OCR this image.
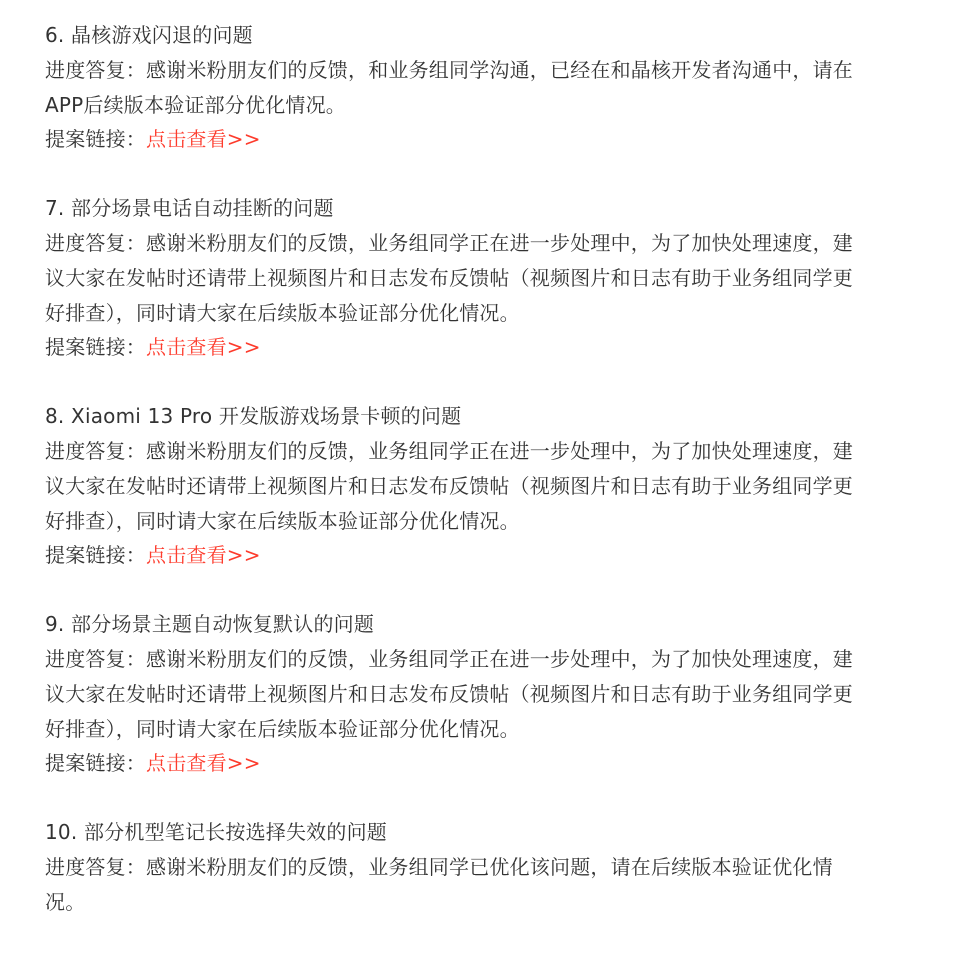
6. 晶核游戏闪退的问题
进度答复：感谢米粉朋友们的反馈，和业务组同学沟通，已经在和晶核开发者沟通中，请在
APP后续版本验证部分优化情况。
提案链接：点击查看>>
7. 部分场景电话自动挂断的问题
进度答复：感谢米粉朋友们的反馈，业务组同学正在进一步处理中，为了加快处理速度，建
议大家在发帖时还请带上视频图片和日志发布反馈帖（视频图片和日志有助于业务组同学更
好排查），同时请大家在后续版本验证部分优化情况。
提案链接：点击查看>>
8. Xiaomi 13 Pro 开发版游戏场景卡顿的问题
进度答复：感谢米粉朋友们的反馈，业务组同学正在进一步处理中，为了加快处理速度，建
议大家在发帖时还请带上视频图片和日志发布反馈帖（视频图片和日志有助于业务组同学更
好排查），同时请大家在后续版本验证部分优化情况。
提案链接：点击查看>>
9. 部分场景主题自动恢复默认的问题
进度答复：感谢米粉朋友们的反馈，业务组同学正在进一步处理中，为了加快处理速度，建
议大家在发帖时还请带上视频图片和日志发布反馈帖（视频图片和日志有助于业务组同学更
好排查），同时请大家在后续版本验证部分优化情况。
提案链接：点击查看>>
10. 部分机型笔记长按选择失效的问题
进度答复：感谢米粉朋友们的反馈，业务组同学已优化该问题，请在后续版本验证优化情
况。
